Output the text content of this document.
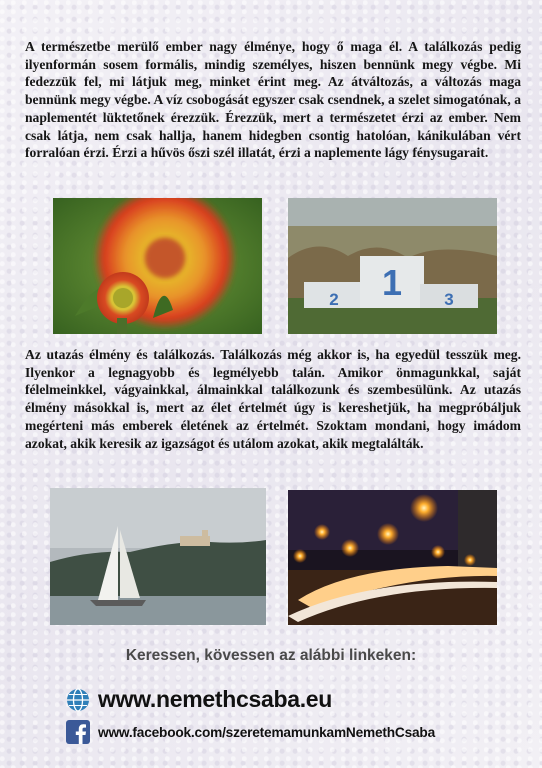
A természetbe merülő ember nagy élménye, hogy ő maga él. A találkozás pedig ilyenformán sosem formális, mindig személyes, hiszen bennünk megy végbe. Mi fedezzük fel, mi látjuk meg, minket érint meg. Az átváltozás, a változás maga bennünk megy végbe. A víz csobogását egyszer csak csendnek, a szelet simogatónak, a naplementét lüktetőnek érezzük. Érezzük, mert a természetet érzi az ember. Nem csak látja, nem csak hallja, hanem hidegben csontig hatolóan, kánikulában vért forralóan érzi. Érzi a hűvös őszi szél illatát, érzi a naplemente lágy fénysugarait.

1
2	3

Az utazás élmény és találkozás. Találkozás még akkor is, ha egyedül tesszük meg. Ilyenkor a legnagyobb és legmélyebb talán. Amikor önmagunkkal, saját félelmeinkkel, vágyainkkal, álmainkkal találkozunk és szembesülünk. Az utazás élmény másokkal is, mert az élet értelmét úgy is kereshetjük, ha megpróbáljuk megérteni más emberek életének az értelmét. Szoktam mondani, hogy imádom azokat, akik keresik az igazságot és utálom azokat, akik megtalálták.

Keressen, kövessen az alábbi linkeken:
www.nemethcsaba.eu
www.facebook.com/szeretemamunkamNemethCsaba
